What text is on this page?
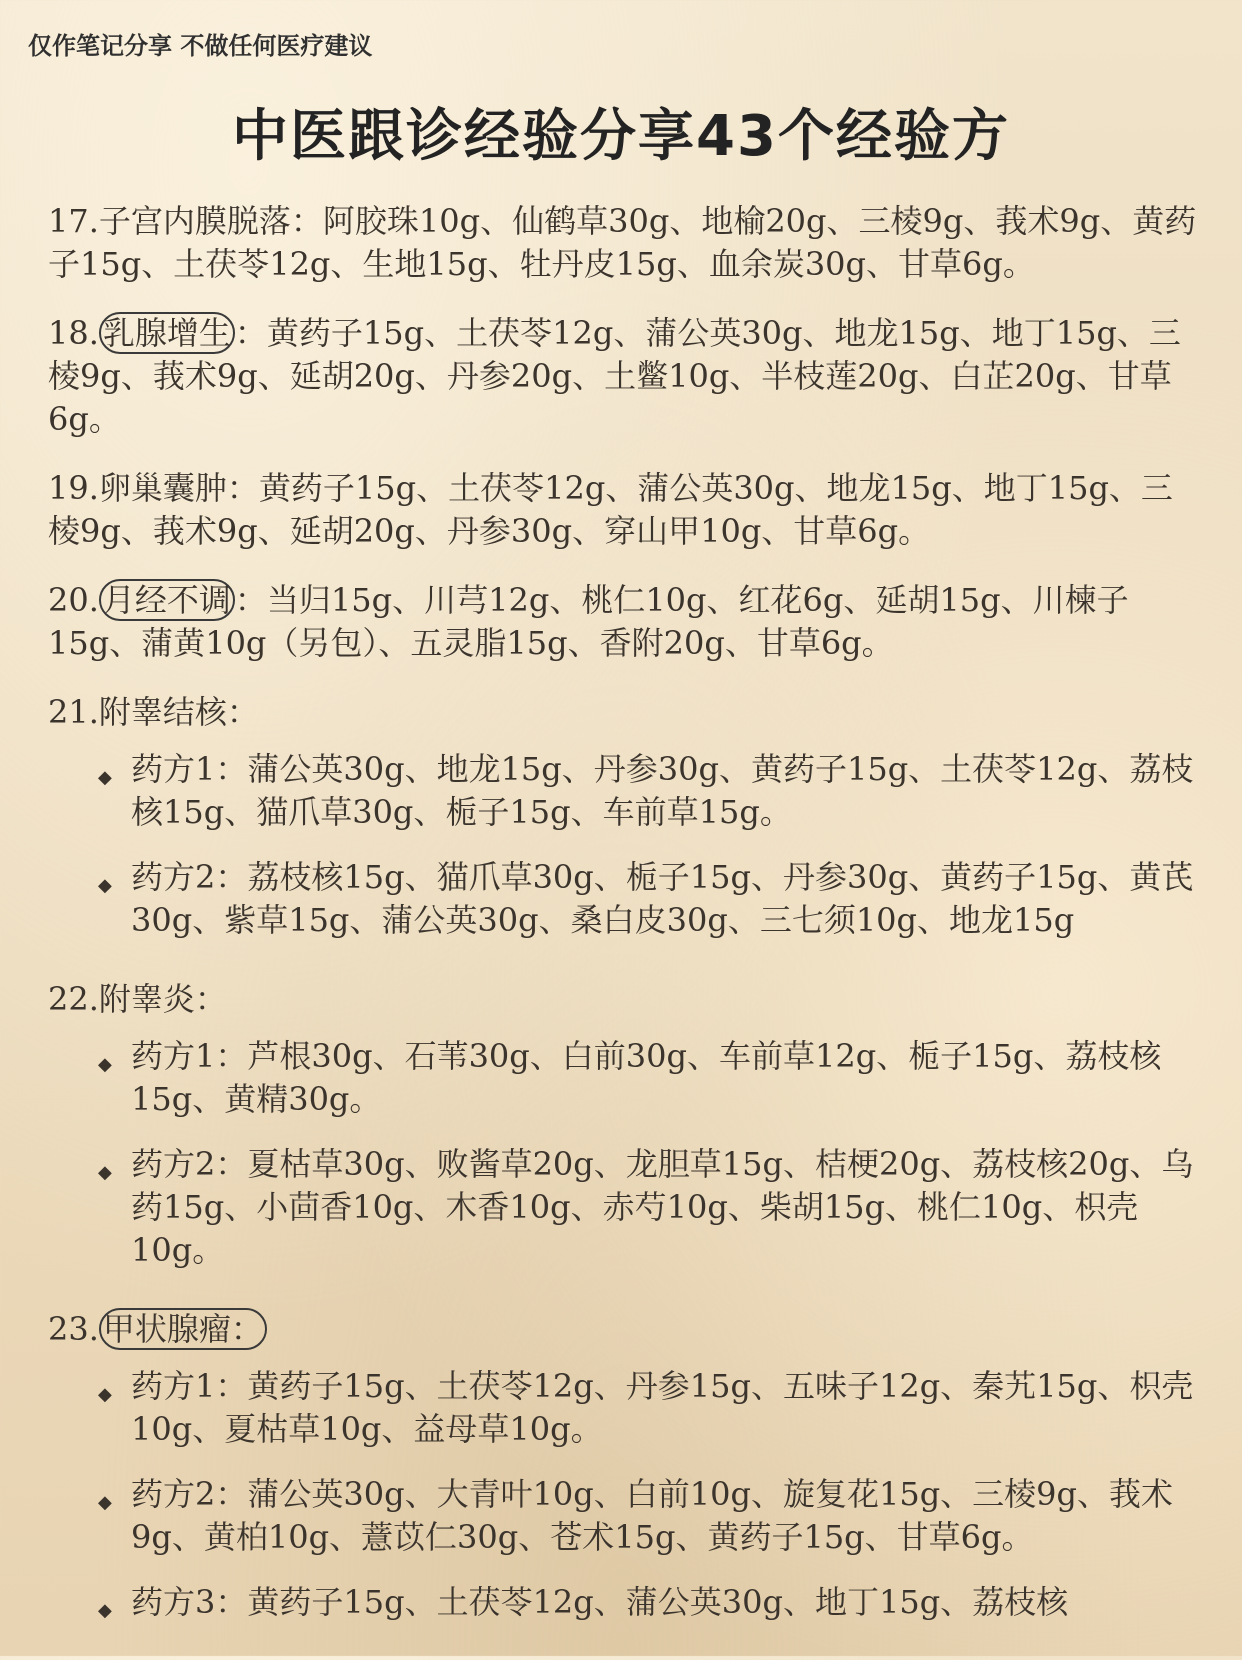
仅作笔记分享 不做任何医疗建议
中医跟诊经验分享43个经验方
17.子宫内膜脱落：阿胶珠10g、仙鹤草30g、地榆20g、三棱9g、莪术9g、黄药子15g、土茯苓12g、生地15g、牡丹皮15g、血余炭30g、甘草6g。
18. 乳腺增生 ：黄药子15g、土茯苓12g、蒲公英30g、地龙15g、地丁15g、三棱9g、莪术9g、延胡20g、丹参20g、土鳖10g、半枝莲20g、白芷20g、甘草6g。
19.卵巢囊肿：黄药子15g、土茯苓12g、蒲公英30g、地龙15g、地丁15g、三棱9g、莪术9g、延胡20g、丹参30g、穿山甲10g、甘草6g。
20. 月经不调 ：当归15g、川芎12g、桃仁10g、红花6g、延胡15g、川楝子15g、蒲黄10g（另包）、五灵脂15g、香附20g、甘草6g。
21.附睾结核：
◆ 药方1：蒲公英30g、地龙15g、丹参30g、黄药子15g、土茯苓12g、荔枝核15g、猫爪草30g、栀子15g、车前草15g。
◆ 药方2：荔枝核15g、猫爪草30g、栀子15g、丹参30g、黄药子15g、黄芪30g、紫草15g、蒲公英30g、桑白皮30g、三七须10g、地龙15g
22.附睾炎：
◆ 药方1：芦根30g、石苇30g、白前30g、车前草12g、栀子15g、荔枝核15g、黄精30g。
◆ 药方2：夏枯草30g、败酱草20g、龙胆草15g、桔梗20g、荔枝核20g、乌药15g、小茴香10g、木香10g、赤芍10g、柴胡15g、桃仁10g、枳壳10g。
23. 甲状腺瘤：
◆ 药方1：黄药子15g、土茯苓12g、丹参15g、五味子12g、秦艽15g、枳壳10g、夏枯草10g、益母草10g。
◆ 药方2：蒲公英30g、大青叶10g、白前10g、旋复花15g、三棱9g、莪术9g、黄柏10g、薏苡仁30g、苍术15g、黄药子15g、甘草6g。
◆ 药方3：黄药子15g、土茯苓12g、蒲公英30g、地丁15g、荔枝核
